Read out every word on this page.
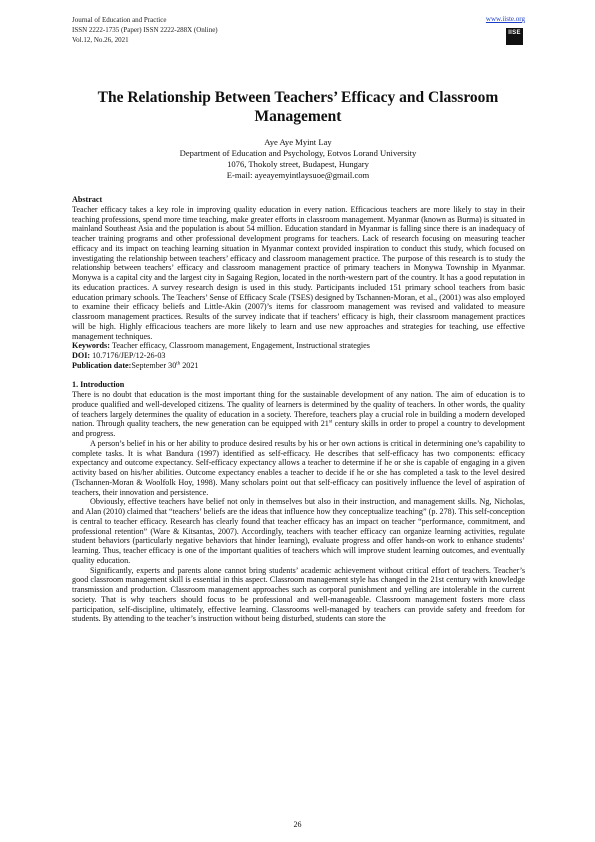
Journal of Education and Practice
ISSN 2222-1735 (Paper) ISSN 2222-288X (Online)
Vol.12, No.26, 2021
www.iiste.org
IISE
The Relationship Between Teachers’ Efficacy and Classroom Management
Aye Aye Myint Lay
Department of Education and Psychology, Eotvos Lorand University
1076, Thokoly street, Budapest, Hungary
E-mail: ayeayemyintlaysuoe@gmail.com

Abstract

Teacher efficacy takes a key role in improving quality education in every nation. Efficacious teachers are more likely to stay in their teaching professions, spend more time teaching, make greater efforts in classroom management. Myanmar (known as Burma) is situated in mainland Southeast Asia and the population is about 54 million. Education standard in Myanmar is falling since there is an inadequacy of teacher training programs and other professional development programs for teachers. Lack of research focusing on measuring teacher efficacy and its impact on teaching learning situation in Myanmar context provided inspiration to conduct this study, which focused on investigating the relationship between teachers’ efficacy and classroom management practice. The purpose of this research is to study the relationship between teachers’ efficacy and classroom management practice of primary teachers in Monywa Township in Myanmar. Monywa is a capital city and the largest city in Sagaing Region, located in the north-western part of the country. It has a good reputation in its education practices. A survey research design is used in this study. Participants included 151 primary school teachers from basic education primary schools. The Teachers’ Sense of Efficacy Scale (TSES) designed by Tschannen-Moran, et al., (2001) was also employed to examine their efficacy beliefs and Little-Akin (2007)’s items for classroom management was revised and validated to measure classroom management practices. Results of the survey indicate that if teachers’ efficacy is high, their classroom management practices will be high. Highly efficacious teachers are more likely to learn and use new approaches and strategies for teaching, use effective management techniques.

Keywords: Teacher efficacy, Classroom management, Engagement, Instructional strategies

DOI: 10.7176/JEP/12-26-03

Publication date:September 30th 2021

1. Introduction

There is no doubt that education is the most important thing for the sustainable development of any nation. The aim of education is to produce qualified and well-developed citizens. The quality of learners is determined by the quality of teachers. In other words, the quality of teachers largely determines the quality of education in a society. Therefore, teachers play a crucial role in building a modern developed nation. Through quality teachers, the new generation can be equipped with 21st century skills in order to propel a country to development and progress.

A person’s belief in his or her ability to produce desired results by his or her own actions is critical in determining one’s capability to complete tasks. It is what Bandura (1997) identified as self-efficacy. He describes that self-efficacy has two components: efficacy expectancy and outcome expectancy. Self-efficacy expectancy allows a teacher to determine if he or she is capable of engaging in a given activity based on his/her abilities. Outcome expectancy enables a teacher to decide if he or she has completed a task to the level desired (Tschannen-Moran & Woolfolk Hoy, 1998). Many scholars point out that self-efficacy can positively influence the level of aspiration of teachers, their innovation and persistence.

Obviously, effective teachers have belief not only in themselves but also in their instruction, and management skills. Ng, Nicholas, and Alan (2010) claimed that “teachers’ beliefs are the ideas that influence how they conceptualize teaching” (p. 278). This self-conception is central to teacher efficacy. Research has clearly found that teacher efficacy has an impact on teacher “performance, commitment, and professional retention” (Ware & Kitsantas, 2007). Accordingly, teachers with teacher efficacy can organize learning activities, regulate student behaviors (particularly negative behaviors that hinder learning), evaluate progress and offer hands-on work to enhance students’ learning. Thus, teacher efficacy is one of the important qualities of teachers which will improve student learning outcomes, and eventually quality education.

Significantly, experts and parents alone cannot bring students’ academic achievement without critical effort of teachers. Teacher’s good classroom management skill is essential in this aspect. Classroom management style has changed in the 21st century with knowledge transmission and production. Classroom management approaches such as corporal punishment and yelling are intolerable in the current society. That is why teachers should focus to be professional and well-manageable. Classroom management fosters more class participation, self-discipline, ultimately, effective learning. Classrooms well-managed by teachers can provide safety and freedom for students. By attending to the teacher’s instruction without being disturbed, students can store the

26
